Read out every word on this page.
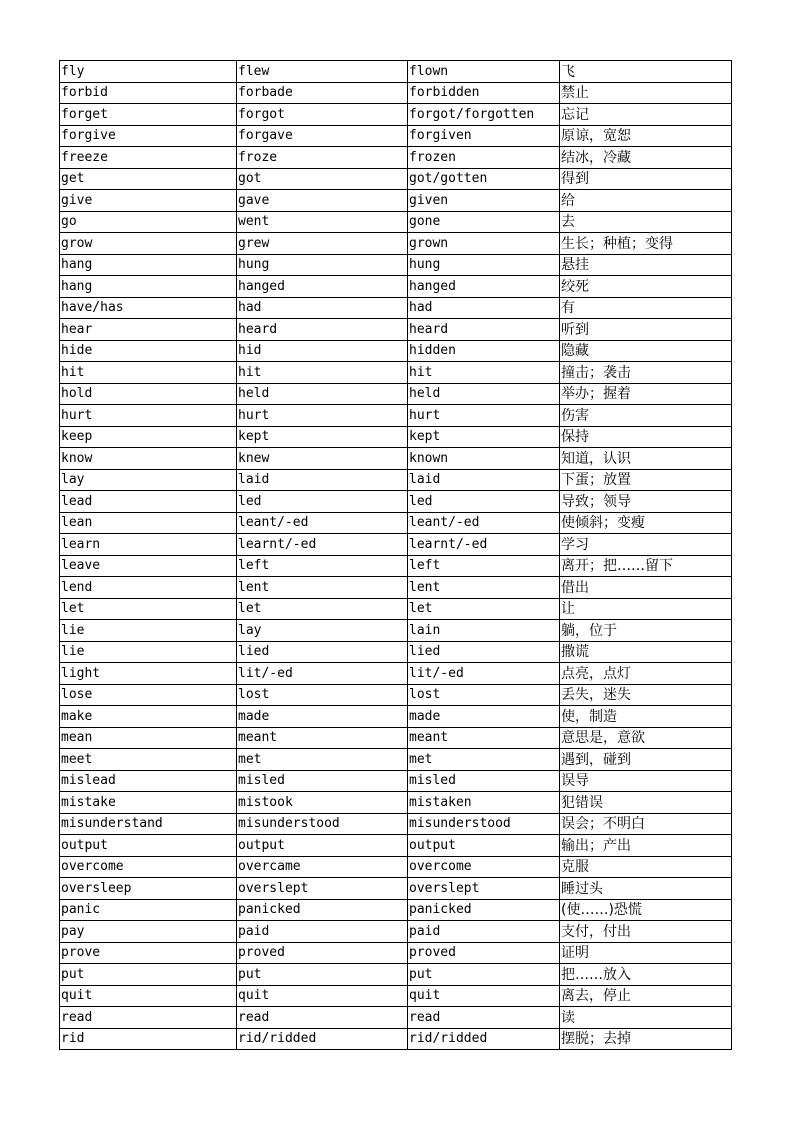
fly	flew	flown	飞
forbid	forbade	forbidden	禁止
forget	forgot	forgot/forgotten	忘记
forgive	forgave	forgiven	原谅，宽恕
freeze	froze	frozen	结冰，冷藏
get	got	got/gotten	得到
give	gave	given	给
go	went	gone	去
grow	grew	grown	生长；种植；变得
hang	hung	hung	悬挂
hang	hanged	hanged	绞死
have/has	had	had	有
hear	heard	heard	听到
hide	hid	hidden	隐藏
hit	hit	hit	撞击；袭击
hold	held	held	举办；握着
hurt	hurt	hurt	伤害
keep	kept	kept	保持
know	knew	known	知道，认识
lay	laid	laid	下蛋；放置
lead	led	led	导致；领导
lean	leant/-ed	leant/-ed	使倾斜；变瘦
learn	learnt/-ed	learnt/-ed	学习
leave	left	left	离开；把……留下
lend	lent	lent	借出
let	let	let	让
lie	lay	lain	躺，位于
lie	lied	lied	撒谎
light	lit/-ed	lit/-ed	点亮，点灯
lose	lost	lost	丢失，迷失
make	made	made	使，制造
mean	meant	meant	意思是，意欲
meet	met	met	遇到，碰到
mislead	misled	misled	误导
mistake	mistook	mistaken	犯错误
misunderstand	misunderstood	misunderstood	误会；不明白
output	output	output	输出；产出
overcome	overcame	overcome	克服
oversleep	overslept	overslept	睡过头
panic	panicked	panicked	(使……)恐慌
pay	paid	paid	支付，付出
prove	proved	proved	证明
put	put	put	把……放入
quit	quit	quit	离去，停止
read	read	read	读
rid	rid/ridded	rid/ridded	摆脱；去掉
